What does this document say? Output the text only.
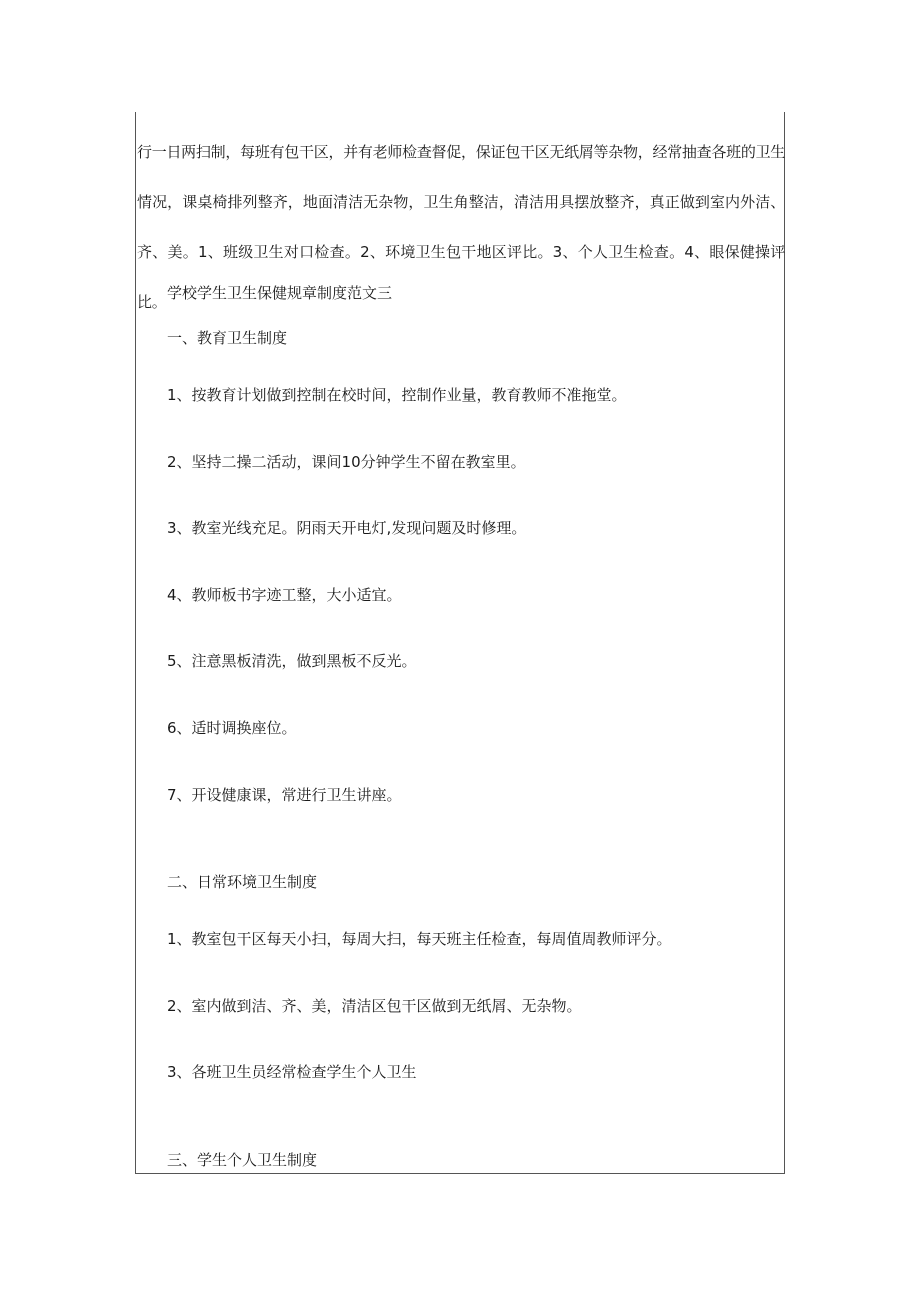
行一日两扫制，每班有包干区，并有老师检查督促，保证包干区无纸屑等杂物，经常抽查各班的卫生情况，课桌椅排列整齐，地面清洁无杂物，卫生角整洁，清洁用具摆放整齐，真正做到室内外洁、齐、美。1、班级卫生对口检查。2、环境卫生包干地区评比。3、个人卫生检查。4、眼保健操评比。 学校学生卫生保健规章制度范文三

一、教育卫生制度

1、按教育计划做到控制在校时间，控制作业量，教育教师不准拖堂。

2、坚持二操二活动，课间10分钟学生不留在教室里。

3、教室光线充足。阴雨天开电灯,发现问题及时修理。

4、教师板书字迹工整，大小适宜。

5、注意黑板清洗，做到黑板不反光。

6、适时调换座位。

7、开设健康课，常进行卫生讲座。

二、日常环境卫生制度

1、教室包干区每天小扫，每周大扫，每天班主任检查，每周值周教师评分。

2、室内做到洁、齐、美，清洁区包干区做到无纸屑、无杂物。

3、各班卫生员经常检查学生个人卫生

三、学生个人卫生制度
